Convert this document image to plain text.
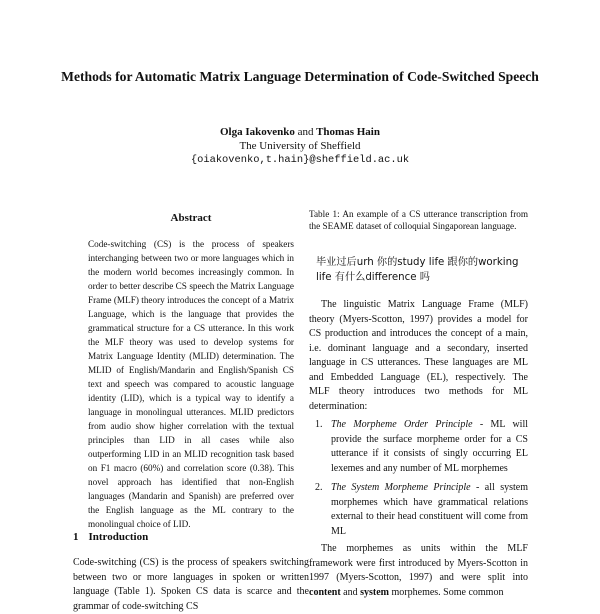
Methods for Automatic Matrix Language Determination of Code-Switched Speech
Olga Iakovenko and Thomas Hain
The University of Sheffield
{oiakovenko,t.hain}@sheffield.ac.uk
Abstract
Code-switching (CS) is the process of speakers interchanging between two or more languages which in the modern world becomes increasingly common. In order to better describe CS speech the Matrix Language Frame (MLF) theory introduces the concept of a Matrix Language, which is the language that provides the grammatical structure for a CS utterance. In this work the MLF theory was used to develop systems for Matrix Language Identity (MLID) determination. The MLID of English/Mandarin and English/Spanish CS text and speech was compared to acoustic language identity (LID), which is a typical way to identify a language in monolingual utterances. MLID predictors from audio show higher correlation with the textual principles than LID in all cases while also outperforming LID in an MLID recognition task based on F1 macro (60%) and correlation score (0.38). This novel approach has identified that non-English languages (Mandarin and Spanish) are preferred over the English language as the ML contrary to the monolingual choice of LID.
1 Introduction
Code-switching (CS) is the process of speakers switching between two or more languages in spoken or written language (Table 1). Spoken CS data is scarce and the grammar of code-switching CS
Table 1: An example of a CS utterance transcription from the SEAME dataset of colloquial Singaporean language.
毕业过后urh 你的study life 跟你的working
life 有什么difference 吗
The linguistic Matrix Language Frame (MLF) theory (Myers-Scotton, 1997) provides a model for CS production and introduces the concept of a main, i.e. dominant language and a secondary, inserted language in CS utterances. These languages are ML and Embedded Language (EL), respectively. The MLF theory introduces two methods for ML determination:
1. The Morpheme Order Principle - ML will provide the surface morpheme order for a CS utterance if it consists of singly occurring EL lexemes and any number of ML morphemes
2. The System Morpheme Principle - all system morphemes which have grammatical relations external to their head constituent will come from ML
The morphemes as units within the MLF framework were first introduced by Myers-Scotton in 1997 (Myers-Scotton, 1997) and were split into content and system morphemes. Some common
